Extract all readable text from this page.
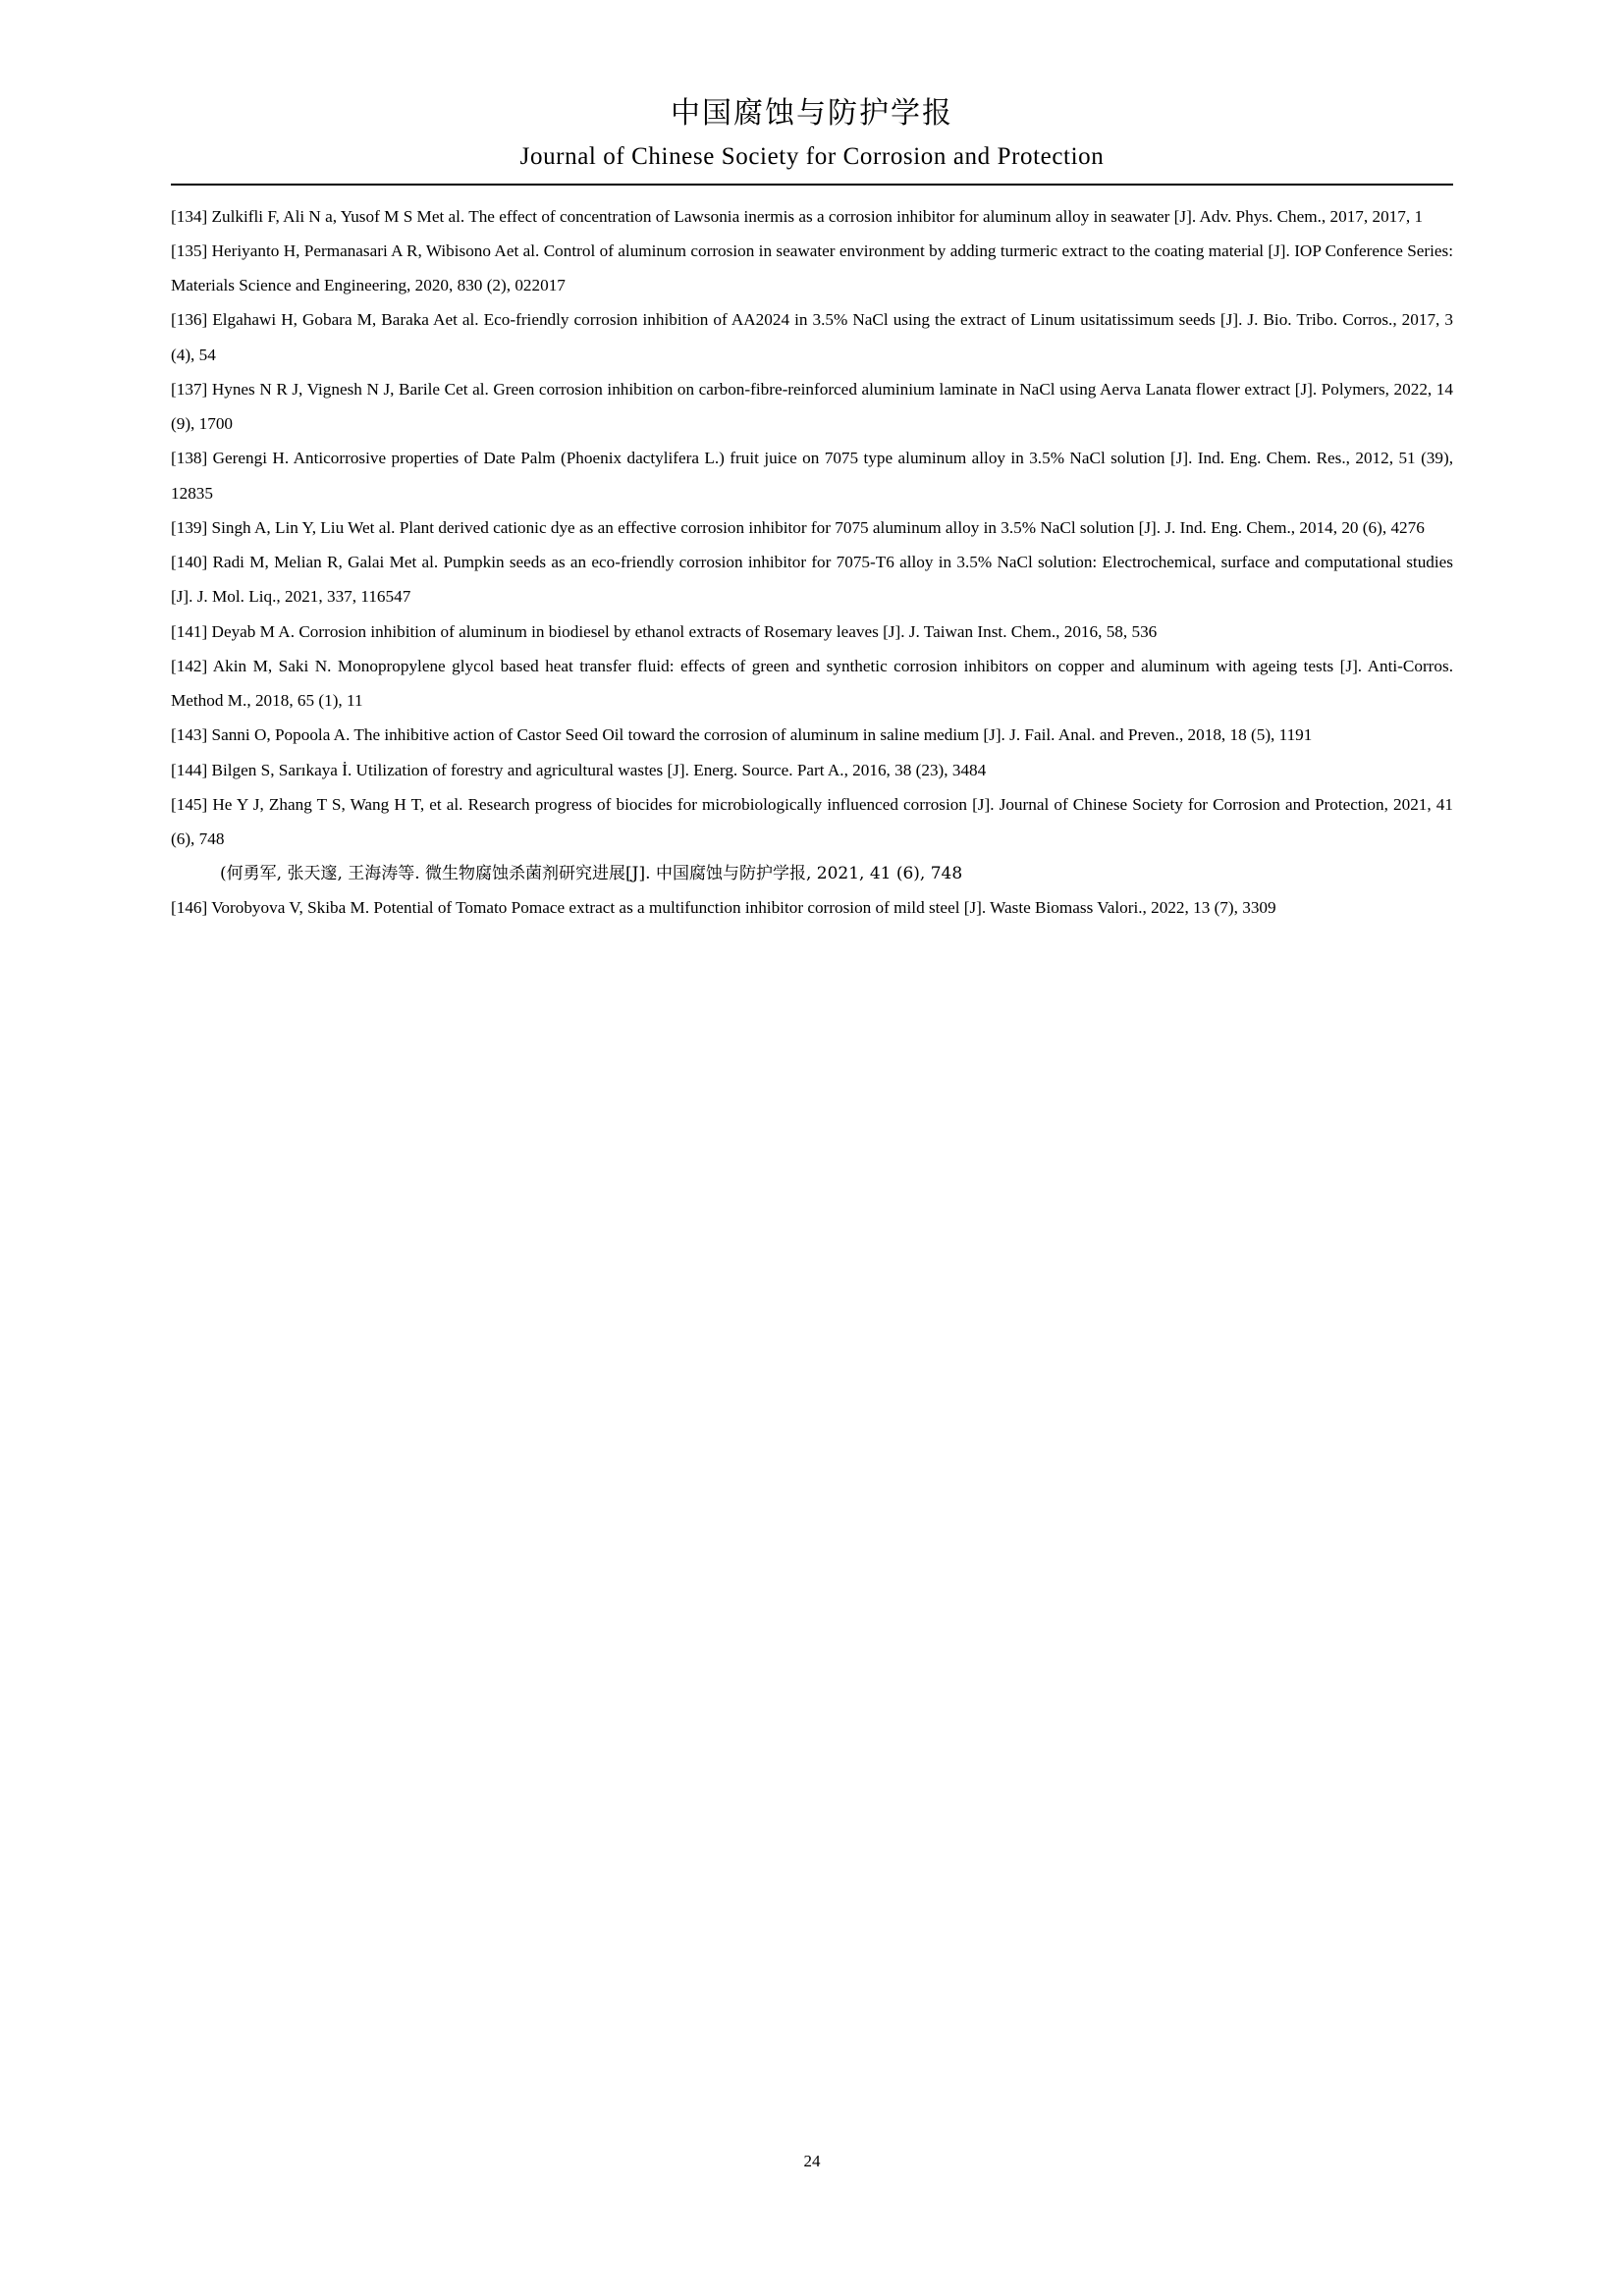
中国腐蚀与防护学报
Journal of Chinese Society for Corrosion and Protection

[134] Zulkifli F, Ali N a, Yusof M S Met al. The effect of concentration of Lawsonia inermis as a corrosion inhibitor for aluminum alloy in seawater [J]. Adv. Phys. Chem., 2017, 2017, 1

[135] Heriyanto H, Permanasari A R, Wibisono Aet al. Control of aluminum corrosion in seawater environment by adding turmeric extract to the coating material [J]. IOP Conference Series: Materials Science and Engineering, 2020, 830 (2), 022017

[136] Elgahawi H, Gobara M, Baraka Aet al. Eco-friendly corrosion inhibition of AA2024 in 3.5% NaCl using the extract of Linum usitatissimum seeds [J]. J. Bio. Tribo. Corros., 2017, 3 (4), 54

[137] Hynes N R J, Vignesh N J, Barile Cet al. Green corrosion inhibition on carbon-fibre-reinforced aluminium laminate in NaCl using Aerva Lanata flower extract [J]. Polymers, 2022, 14 (9), 1700

[138] Gerengi H. Anticorrosive properties of Date Palm (Phoenix dactylifera L.) fruit juice on 7075 type aluminum alloy in 3.5% NaCl solution [J]. Ind. Eng. Chem. Res., 2012, 51 (39), 12835

[139] Singh A, Lin Y, Liu Wet al. Plant derived cationic dye as an effective corrosion inhibitor for 7075 aluminum alloy in 3.5% NaCl solution [J]. J. Ind. Eng. Chem., 2014, 20 (6), 4276

[140] Radi M, Melian R, Galai Met al. Pumpkin seeds as an eco-friendly corrosion inhibitor for 7075-T6 alloy in 3.5% NaCl solution: Electrochemical, surface and computational studies [J]. J. Mol. Liq., 2021, 337, 116547

[141] Deyab M A. Corrosion inhibition of aluminum in biodiesel by ethanol extracts of Rosemary leaves [J]. J. Taiwan Inst. Chem., 2016, 58, 536

[142] Akin M, Saki N. Monopropylene glycol based heat transfer fluid: effects of green and synthetic corrosion inhibitors on copper and aluminum with ageing tests [J]. Anti-Corros. Method M., 2018, 65 (1), 11

[143] Sanni O, Popoola A. The inhibitive action of Castor Seed Oil toward the corrosion of aluminum in saline medium [J]. J. Fail. Anal. and Preven., 2018, 18 (5), 1191

[144] Bilgen S, Sarıkaya İ. Utilization of forestry and agricultural wastes [J]. Energ. Source. Part A., 2016, 38 (23), 3484

[145] He Y J, Zhang T S, Wang H T, et al. Research progress of biocides for microbiologically influenced corrosion [J]. Journal of Chinese Society for Corrosion and Protection, 2021, 41 (6), 748

(何勇军, 张天邃, 王海涛等. 微生物腐蚀杀菌剂研究进展[J]. 中国腐蚀与防护学报, 2021, 41 (6), 748

[146] Vorobyova V, Skiba M. Potential of Tomato Pomace extract as a multifunction inhibitor corrosion of mild steel [J]. Waste Biomass Valori., 2022, 13 (7), 3309

24
